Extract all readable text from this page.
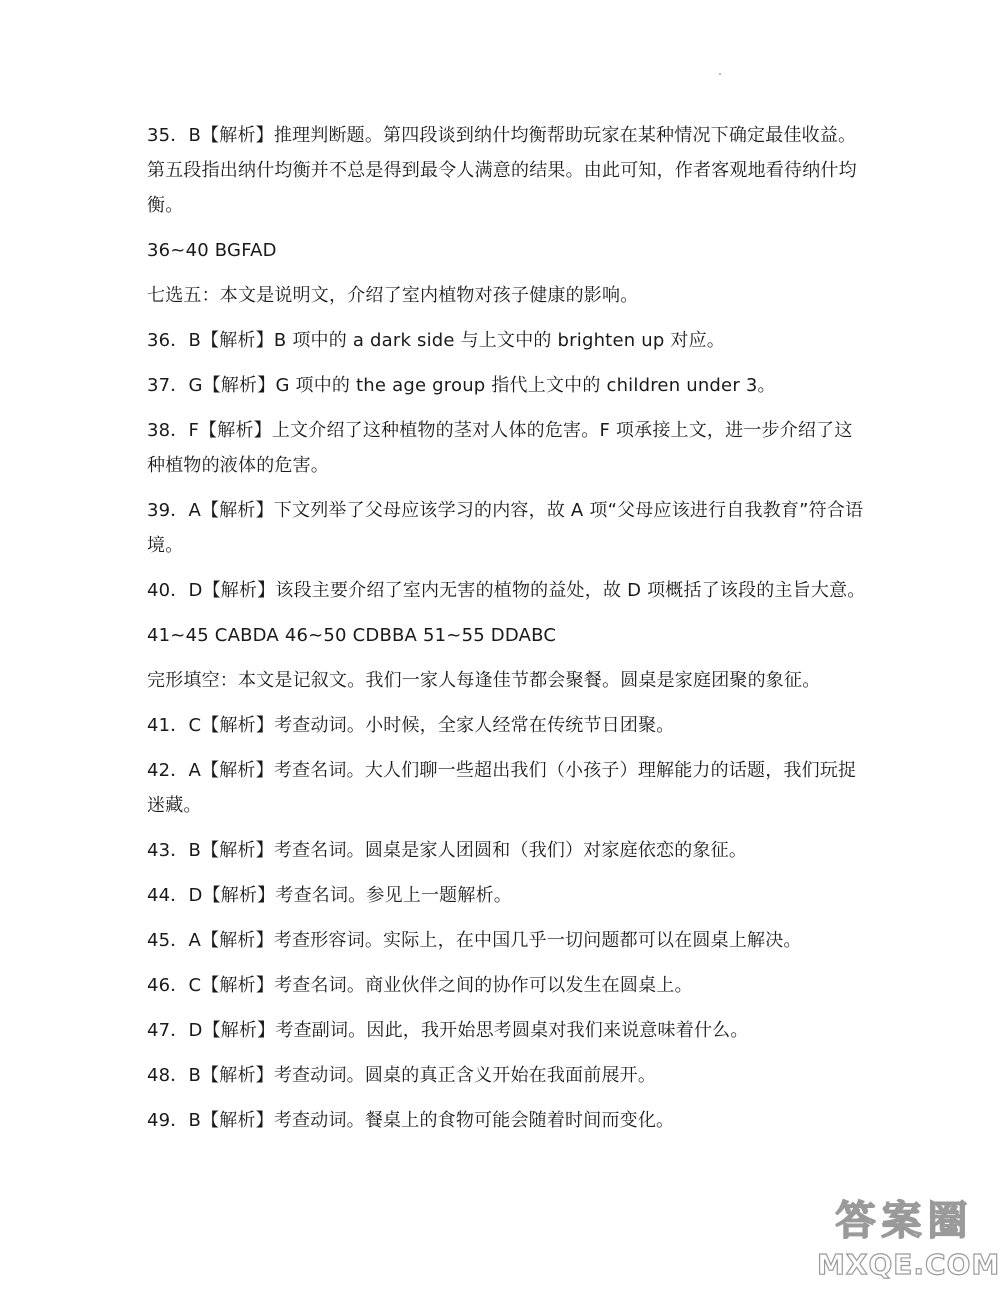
35．B【解析】推理判断题。第四段谈到纳什均衡帮助玩家在某种情况下确定最佳收益。第五段指出纳什均衡并不总是得到最令人满意的结果。由此可知，作者客观地看待纳什均衡。

36~40 BGFAD

七选五：本文是说明文，介绍了室内植物对孩子健康的影响。

36．B【解析】B 项中的 a dark side 与上文中的 brighten up 对应。

37．G【解析】G 项中的 the age group 指代上文中的 children under 3。

38．F【解析】上文介绍了这种植物的茎对人体的危害。F 项承接上文，进一步介绍了这种植物的液体的危害。

39．A【解析】下文列举了父母应该学习的内容，故 A 项“父母应该进行自我教育”符合语境。

40．D【解析】该段主要介绍了室内无害的植物的益处，故 D 项概括了该段的主旨大意。

41~45 CABDA 46~50 CDBBA 51~55 DDABC

完形填空：本文是记叙文。我们一家人每逢佳节都会聚餐。圆桌是家庭团聚的象征。

41．C【解析】考查动词。小时候，全家人经常在传统节日团聚。

42．A【解析】考查名词。大人们聊一些超出我们（小孩子）理解能力的话题，我们玩捉迷藏。

43．B【解析】考查名词。圆桌是家人团圆和（我们）对家庭依恋的象征。

44．D【解析】考查名词。参见上一题解析。

45．A【解析】考查形容词。实际上，在中国几乎一切问题都可以在圆桌上解决。

46．C【解析】考查名词。商业伙伴之间的协作可以发生在圆桌上。

47．D【解析】考查副词。因此，我开始思考圆桌对我们来说意味着什么。

48．B【解析】考查动词。圆桌的真正含义开始在我面前展开。

49．B【解析】考查动词。餐桌上的食物可能会随着时间而变化。

答案圈
MXQE.COM
